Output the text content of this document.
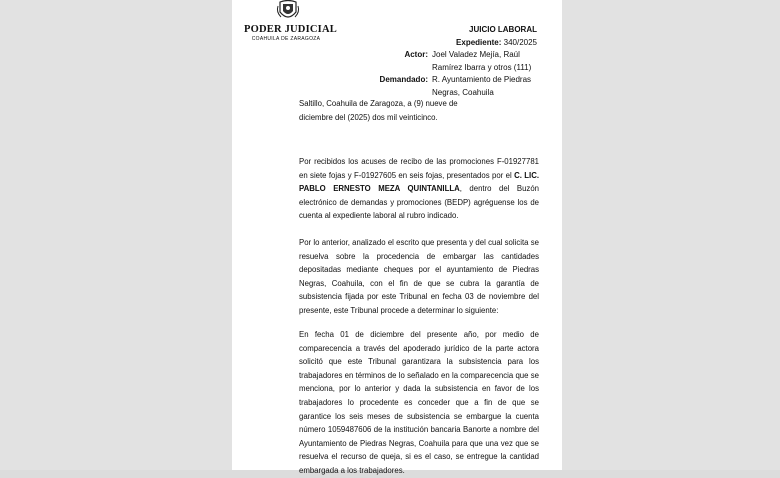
PODER JUDICIAL
COAHUILA DE ZARAGOZA
JUICIO LABORAL
Expediente: 340/2025
Actor: Joel Valadez Mejía, Raúl Ramírez Ibarra y otros (111)
Demandado: R. Ayuntamiento de Piedras Negras, Coahuila
Saltillo, Coahuila de Zaragoza, a (9) nueve de diciembre del (2025) dos mil veinticinco.
Por recibidos los acuses de recibo de las promociones F-01927781 en siete fojas y F-01927605 en seis fojas, presentados por el C. LIC. PABLO ERNESTO MEZA QUINTANILLA, dentro del Buzón electrónico de demandas y promociones (BEDP) agréguense los de cuenta al expediente laboral al rubro indicado.
Por lo anterior, analizado el escrito que presenta y del cual solicita se resuelva sobre la procedencia de embargar las cantidades depositadas mediante cheques por el ayuntamiento de Piedras Negras, Coahuila, con el fin de que se cubra la garantía de subsistencia fijada por este Tribunal en fecha 03 de noviembre del presente, este Tribunal procede a determinar lo siguiente:
En fecha 01 de diciembre del presente año, por medio de comparecencia a través del apoderado jurídico de la parte actora solicitó que este Tribunal garantizara la subsistencia para los trabajadores en términos de lo señalado en la comparecencia que se menciona, por lo anterior y dada la subsistencia en favor de los trabajadores lo procedente es conceder que a fin de que se garantice los seis meses de subsistencia se embargue la cuenta número 1059487606 de la institución bancaria Banorte a nombre del Ayuntamiento de Piedras Negras, Coahuila para que una vez que se resuelva el recurso de queja, si es el caso, se entregue la cantidad embargada a los trabajadores.
